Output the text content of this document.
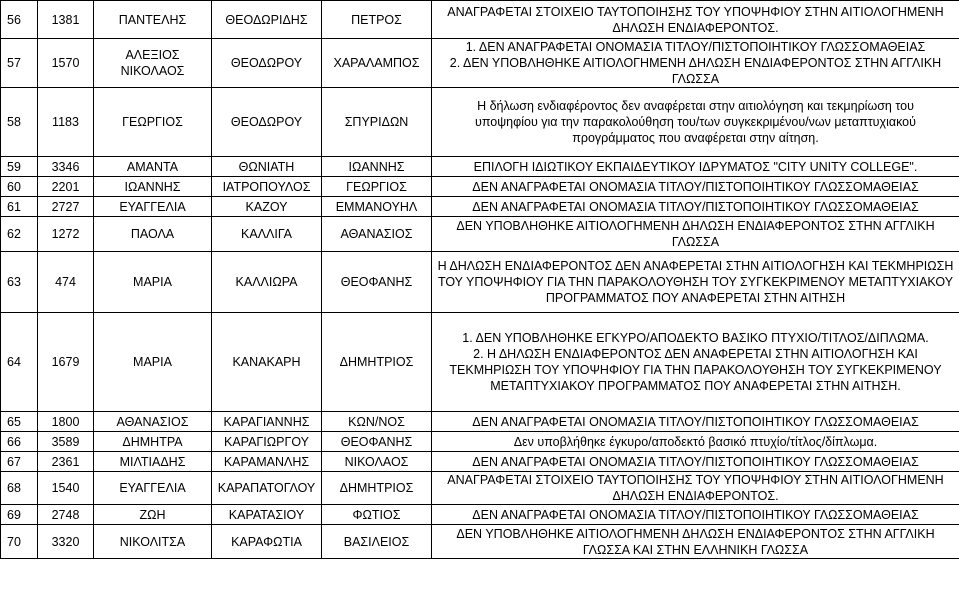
56	1381	ΠΑΝΤΕΛΗΣ	ΘΕΟΔΩΡΙΔΗΣ	ΠΕΤΡΟΣ	ΑΝΑΓΡΑΦΕΤΑΙ ΣΤΟΙΧΕΙΟ ΤΑΥΤΟΠΟΙΗΣΗΣ ΤΟΥ ΥΠΟΨΗΦΙΟΥ ΣΤΗΝ ΑΙΤΙΟΛΟΓΗΜΕΝΗ
ΔΗΛΩΣΗ ΕΝΔΙΑΦΕΡΟΝΤΟΣ.
57	1570	ΑΛΕΞΙΟΣ
ΝΙΚΟΛΑΟΣ	ΘΕΟΔΩΡΟΥ	ΧΑΡΑΛΑΜΠΟΣ	1. ΔΕΝ ΑΝΑΓΡΑΦΕΤΑΙ ΟΝΟΜΑΣΙΑ ΤΙΤΛΟΥ/ΠΙΣΤΟΠΟΙΗΤΙΚΟΥ ΓΛΩΣΣΟΜΑΘΕΙΑΣ
2. ΔΕΝ ΥΠΟΒΛΗΘΗΚΕ ΑΙΤΙΟΛΟΓΗΜΕΝΗ ΔΗΛΩΣΗ ΕΝΔΙΑΦΕΡΟΝΤΟΣ ΣΤΗΝ ΑΓΓΛΙΚΗ
ΓΛΩΣΣΑ
58	1183	ΓΕΩΡΓΙΟΣ	ΘΕΟΔΩΡΟΥ	ΣΠΥΡΙΔΩΝ	Η δήλωση ενδιαφέροντος δεν αναφέρεται στην αιτιολόγηση και τεκμηρίωση του
υποψηφίου για την παρακολούθηση του/των συγκεκριμένου/νων μεταπτυχιακού
προγράμματος που αναφέρεται στην αίτηση.
59	3346	ΑΜΑΝΤΑ	ΘΩΝΙΑΤΗ	ΙΩΑΝΝΗΣ	ΕΠΙΛΟΓΗ ΙΔΙΩΤΙΚΟΥ ΕΚΠΑΙΔΕΥΤΙΚΟΥ ΙΔΡΥΜΑΤΟΣ "CITY UNITY COLLEGE".
60	2201	ΙΩΑΝΝΗΣ	ΙΑΤΡΟΠΟΥΛΟΣ	ΓΕΩΡΓΙΟΣ	ΔΕΝ ΑΝΑΓΡΑΦΕΤΑΙ ΟΝΟΜΑΣΙΑ ΤΙΤΛΟΥ/ΠΙΣΤΟΠΟΙΗΤΙΚΟΥ ΓΛΩΣΣΟΜΑΘΕΙΑΣ
61	2727	ΕΥΑΓΓΕΛΙΑ	ΚΑΖΟΥ	ΕΜΜΑΝΟΥΗΛ	ΔΕΝ ΑΝΑΓΡΑΦΕΤΑΙ ΟΝΟΜΑΣΙΑ ΤΙΤΛΟΥ/ΠΙΣΤΟΠΟΙΗΤΙΚΟΥ ΓΛΩΣΣΟΜΑΘΕΙΑΣ
62	1272	ΠΑΟΛΑ	ΚΑΛΛΙΓΑ	ΑΘΑΝΑΣΙΟΣ	ΔΕΝ ΥΠΟΒΛΗΘΗΚΕ ΑΙΤΙΟΛΟΓΗΜΕΝΗ ΔΗΛΩΣΗ ΕΝΔΙΑΦΕΡΟΝΤΟΣ ΣΤΗΝ ΑΓΓΛΙΚΗ
ΓΛΩΣΣΑ
63	474	ΜΑΡΙΑ	ΚΑΛΛΙΩΡΑ	ΘΕΟΦΑΝΗΣ	Η ΔΗΛΩΣΗ ΕΝΔΙΑΦΕΡΟΝΤΟΣ ΔΕΝ ΑΝΑΦΕΡΕΤΑΙ ΣΤΗΝ ΑΙΤΙΟΛΟΓΗΣΗ ΚΑΙ ΤΕΚΜΗΡΙΩΣΗ
ΤΟΥ ΥΠΟΨΗΦΙΟΥ ΓΙΑ ΤΗΝ ΠΑΡΑΚΟΛΟΥΘΗΣΗ ΤΟΥ ΣΥΓΚΕΚΡΙΜΕΝΟΥ ΜΕΤΑΠΤΥΧΙΑΚΟΥ
ΠΡΟΓΡΑΜΜΑΤΟΣ ΠΟΥ ΑΝΑΦΕΡΕΤΑΙ ΣΤΗΝ ΑΙΤΗΣΗ
64	1679	ΜΑΡΙΑ	ΚΑΝΑΚΑΡΗ	ΔΗΜΗΤΡΙΟΣ	1. ΔΕΝ ΥΠΟΒΛΗΘΗΚΕ ΕΓΚΥΡΟ/ΑΠΟΔΕΚΤΟ ΒΑΣΙΚΟ ΠΤΥΧΙΟ/ΤΙΤΛΟΣ/ΔΙΠΛΩΜΑ.
2. Η ΔΗΛΩΣΗ ΕΝΔΙΑΦΕΡΟΝΤΟΣ ΔΕΝ ΑΝΑΦΕΡΕΤΑΙ ΣΤΗΝ ΑΙΤΙΟΛΟΓΗΣΗ ΚΑΙ
ΤΕΚΜΗΡΙΩΣΗ ΤΟΥ ΥΠΟΨΗΦΙΟΥ ΓΙΑ ΤΗΝ ΠΑΡΑΚΟΛΟΥΘΗΣΗ ΤΟΥ ΣΥΓΚΕΚΡΙΜΕΝΟΥ
ΜΕΤΑΠΤΥΧΙΑΚΟΥ ΠΡΟΓΡΑΜΜΑΤΟΣ ΠΟΥ ΑΝΑΦΕΡΕΤΑΙ ΣΤΗΝ ΑΙΤΗΣΗ.
65	1800	ΑΘΑΝΑΣΙΟΣ	ΚΑΡΑΓΙΑΝΝΗΣ	ΚΩΝ/ΝΟΣ	ΔΕΝ ΑΝΑΓΡΑΦΕΤΑΙ ΟΝΟΜΑΣΙΑ ΤΙΤΛΟΥ/ΠΙΣΤΟΠΟΙΗΤΙΚΟΥ ΓΛΩΣΣΟΜΑΘΕΙΑΣ
66	3589	ΔΗΜΗΤΡΑ	ΚΑΡΑΓΙΩΡΓΟΥ	ΘΕΟΦΑΝΗΣ	Δεν υποβλήθηκε έγκυρο/αποδεκτό βασικό πτυχίο/τίτλος/δίπλωμα.
67	2361	ΜΙΛΤΙΑΔΗΣ	ΚΑΡΑΜΑΝΛΗΣ	ΝΙΚΟΛΑΟΣ	ΔΕΝ ΑΝΑΓΡΑΦΕΤΑΙ ΟΝΟΜΑΣΙΑ ΤΙΤΛΟΥ/ΠΙΣΤΟΠΟΙΗΤΙΚΟΥ ΓΛΩΣΣΟΜΑΘΕΙΑΣ
68	1540	ΕΥΑΓΓΕΛΙΑ	ΚΑΡΑΠΑΤΟΓΛΟΥ	ΔΗΜΗΤΡΙΟΣ	ΑΝΑΓΡΑΦΕΤΑΙ ΣΤΟΙΧΕΙΟ ΤΑΥΤΟΠΟΙΗΣΗΣ ΤΟΥ ΥΠΟΨΗΦΙΟΥ ΣΤΗΝ ΑΙΤΙΟΛΟΓΗΜΕΝΗ
ΔΗΛΩΣΗ ΕΝΔΙΑΦΕΡΟΝΤΟΣ.
69	2748	ΖΩΗ	ΚΑΡΑΤΑΣΙΟΥ	ΦΩΤΙΟΣ	ΔΕΝ ΑΝΑΓΡΑΦΕΤΑΙ ΟΝΟΜΑΣΙΑ ΤΙΤΛΟΥ/ΠΙΣΤΟΠΟΙΗΤΙΚΟΥ ΓΛΩΣΣΟΜΑΘΕΙΑΣ
70	3320	ΝΙΚΟΛΙΤΣΑ	ΚΑΡΑΦΩΤΙΑ	ΒΑΣΙΛΕΙΟΣ	ΔΕΝ ΥΠΟΒΛΗΘΗΚΕ ΑΙΤΙΟΛΟΓΗΜΕΝΗ ΔΗΛΩΣΗ ΕΝΔΙΑΦΕΡΟΝΤΟΣ ΣΤΗΝ ΑΓΓΛΙΚΗ
ΓΛΩΣΣΑ ΚΑΙ ΣΤΗΝ ΕΛΛΗΝΙΚΗ ΓΛΩΣΣΑ
